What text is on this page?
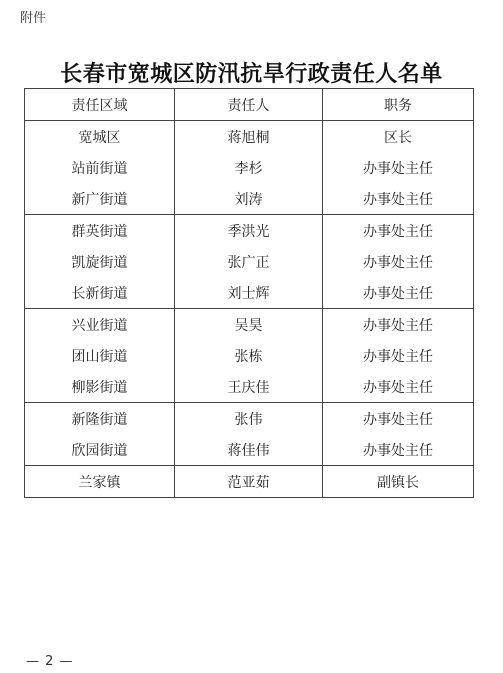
附件
长春市宽城区防汛抗旱行政责任人名单
责任区域	责任人	职务
宽城区	蒋旭桐	区长
站前街道	李杉	办事处主任
新广街道	刘涛	办事处主任
群英街道	季洪光	办事处主任
凯旋街道	张广正	办事处主任
长新街道	刘士辉	办事处主任
兴业街道	吴昊	办事处主任
团山街道	张栋	办事处主任
柳影街道	王庆佳	办事处主任
新隆街道	张伟	办事处主任
欣园街道	蒋佳伟	办事处主任
兰家镇	范亚茹	副镇长
— 2 —
